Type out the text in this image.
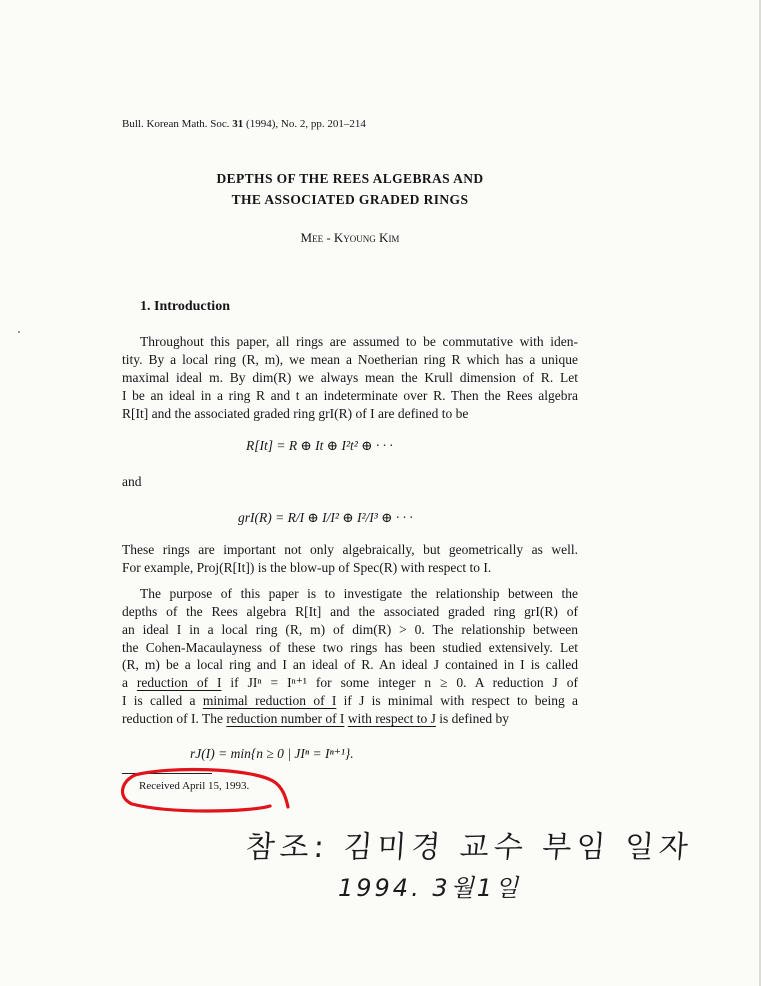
Bull. Korean Math. Soc. 31 (1994), No. 2, pp. 201–214
DEPTHS OF THE REES ALGEBRAS AND
THE ASSOCIATED GRADED RINGS
Mee - Kyoung Kim
1. Introduction
Throughout this paper, all rings are assumed to be commutative with iden-
tity. By a local ring (R, m), we mean a Noetherian ring R which has a unique
maximal ideal m. By dim(R) we always mean the Krull dimension of R. Let
I be an ideal in a ring R and t an indeterminate over R. Then the Rees algebra
R[It] and the associated graded ring grI(R) of I are defined to be
R[It] = R ⊕ It ⊕ I²t² ⊕ · · ·
and
grI(R) = R/I ⊕ I/I² ⊕ I²/I³ ⊕ · · ·
These rings are important not only algebraically, but geometrically as well.
For example, Proj(R[It]) is the blow-up of Spec(R) with respect to I.
The purpose of this paper is to investigate the relationship between the
depths of the Rees algebra R[It] and the associated graded ring grI(R) of
an ideal I in a local ring (R, m) of dim(R) > 0. The relationship between
the Cohen-Macaulayness of these two rings has been studied extensively. Let
(R, m) be a local ring and I an ideal of R. An ideal J contained in I is called
a reduction of I if JIⁿ = Iⁿ⁺¹ for some integer n ≥ 0. A reduction J of
I is called a minimal reduction of I if J is minimal with respect to being a
reduction of I. The reduction number of I with respect to J is defined by
rJ(I) = min{n ≥ 0 | JIⁿ = Iⁿ⁺¹}.
Received April 15, 1993.
참조: 김미경 교수 부임 일자
1994. 3월1일
